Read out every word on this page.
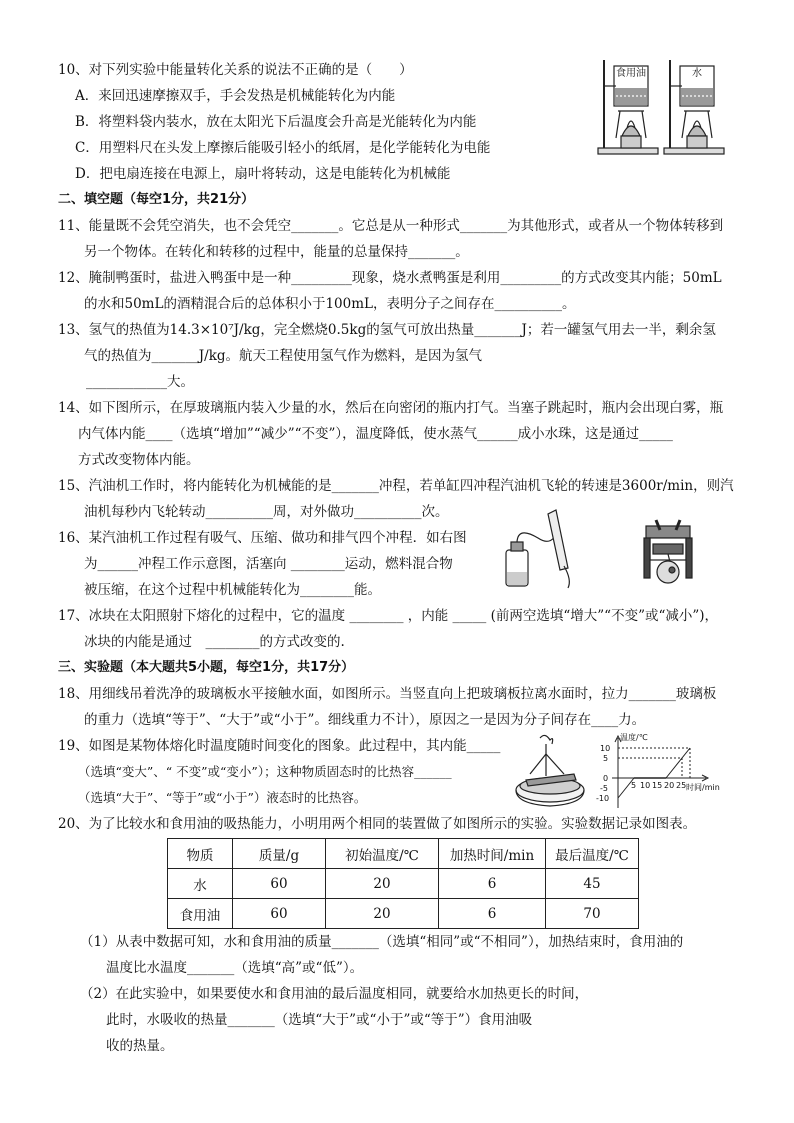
10、对下列实验中能量转化关系的说法不正确的是（　　）
A．来回迅速摩擦双手，手会发热是机械能转化为内能
B．将塑料袋内装水，放在太阳光下后温度会升高是光能转化为内能
C．用塑料尺在头发上摩擦后能吸引轻小的纸屑，是化学能转化为电能
D．把电扇连接在电源上，扇叶将转动，这是电能转化为机械能
食用油	水
二、填空题（每空1分，共21分）
11、能量既不会凭空消失，也不会凭空_______。它总是从一种形式_______为其他形式，或者从一个物体转移到
另一个物体。在转化和转移的过程中，能量的总量保持_______。
12、腌制鸭蛋时，盐进入鸭蛋中是一种_________现象，烧水煮鸭蛋是利用_________的方式改变其内能；50mL
的水和50mL的酒精混合后的总体积小于100mL，表明分子之间存在__________。
13、氢气的热值为14.3×10⁷J/kg，完全燃烧0.5kg的氢气可放出热量_______J；若一罐氢气用去一半，剩余氢
气的热值为_______J/kg。航天工程使用氢气作为燃料，是因为氢气
____________大。
14、如下图所示，在厚玻璃瓶内装入少量的水，然后在向密闭的瓶内打气。当塞子跳起时，瓶内会出现白雾，瓶
内气体内能____（选填“增加”“减少”“不变”），温度降低，使水蒸气______成小水珠，这是通过_____
方式改变物体内能。
15、汽油机工作时，将内能转化为机械能的是_______冲程，若单缸四冲程汽油机飞轮的转速是3600r/min，则汽
油机每秒内飞轮转动__________周，对外做功__________次。
16、某汽油机工作过程有吸气、压缩、做功和排气四个冲程．如右图
为______冲程工作示意图，活塞向 ________运动，燃料混合物
被压缩，在这个过程中机械能转化为________能。
17、冰块在太阳照射下熔化的过程中，它的温度 ________ ，内能 _____ (前两空选填“增大”“不变”或“减小”)，
冰块的内能是通过　________的方式改变的.
三、实验题（本大题共5小题，每空1分，共17分）
18、用细线吊着洗净的玻璃板水平接触水面，如图所示。当竖直向上把玻璃板拉离水面时，拉力_______玻璃板
的重力（选填“等于”、“大于”或“小于”。细线重力不计），原因之一是因为分子间存在____力。
19、如图是某物体熔化时温度随时间变化的图象。此过程中，其内能_____
（选填“变大”、“ 不变”或“变小”）；这种物质固态时的比热容______
（选填“大于”、“等于”或“小于”）液态时的比热容。
温度/℃
时间/min
10
5
0
-5
-10
5 10 15 20 25
20、为了比较水和食用油的吸热能力，小明用两个相同的装置做了如图所示的实验。实验数据记录如图表。
物质	质量/g	初始温度/℃	加热时间/min	最后温度/℃
水	60	20	6	45
食用油	60	20	6	70
（1）从表中数据可知，水和食用油的质量_______（选填“相同”或“不相同”），加热结束时，食用油的
温度比水温度_______（选填“高”或“低”）。
（2）在此实验中，如果要使水和食用油的最后温度相同，就要给水加热更长的时间，
此时，水吸收的热量_______（选填“大于”或“小于”或“等于”）食用油吸
收的热量。
